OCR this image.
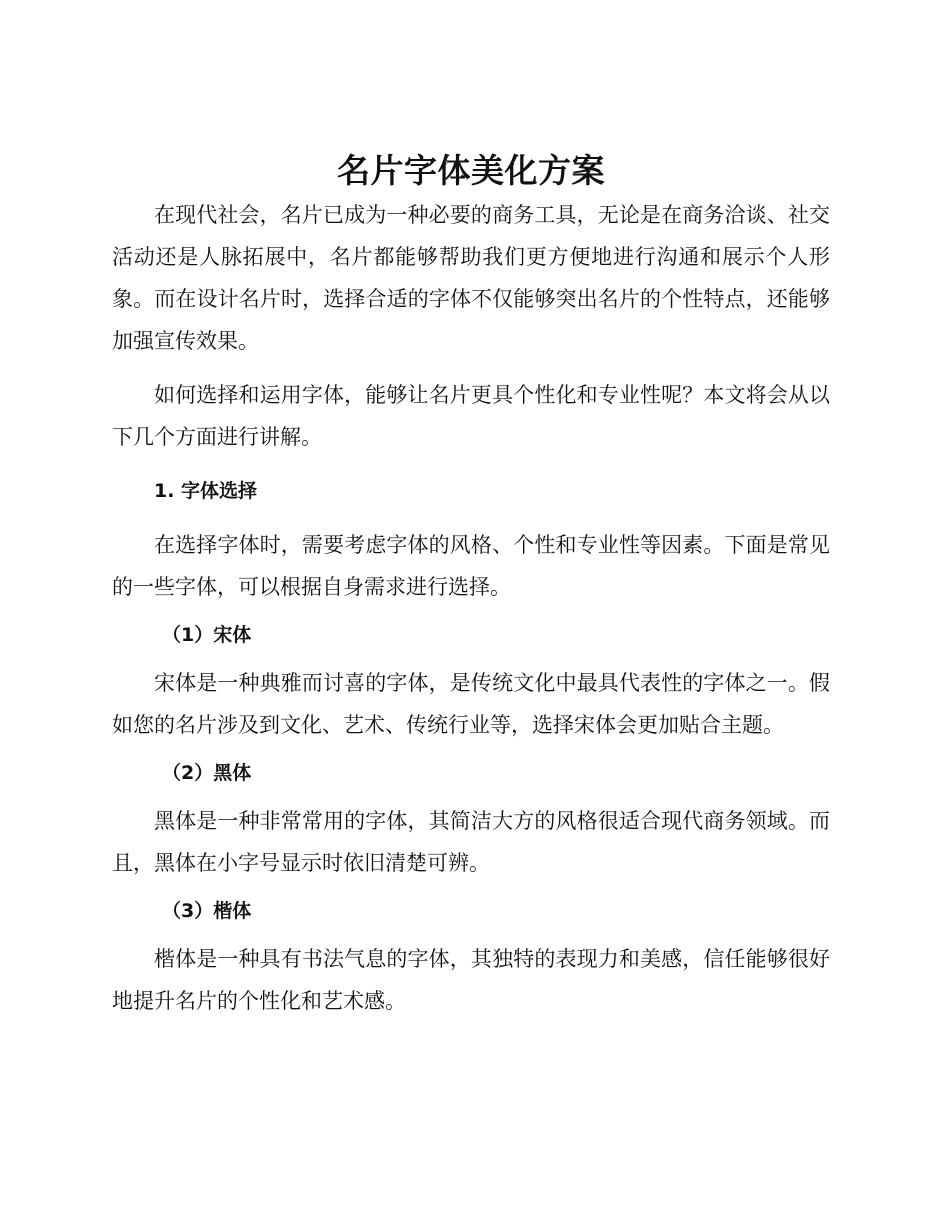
名片字体美化方案

在现代社会，名片已成为一种必要的商务工具，无论是在商务洽谈、社交活动还是人脉拓展中，名片都能够帮助我们更方便地进行沟通和展示个人形象。而在设计名片时，选择合适的字体不仅能够突出名片的个性特点，还能够加强宣传效果。

如何选择和运用字体，能够让名片更具个性化和专业性呢？本文将会从以下几个方面进行讲解。

1. 字体选择

在选择字体时，需要考虑字体的风格、个性和专业性等因素。下面是常见的一些字体，可以根据自身需求进行选择。

（1）宋体

宋体是一种典雅而讨喜的字体，是传统文化中最具代表性的字体之一。假如您的名片涉及到文化、艺术、传统行业等，选择宋体会更加贴合主题。

（2）黑体

黑体是一种非常常用的字体，其简洁大方的风格很适合现代商务领域。而且，黑体在小字号显示时依旧清楚可辨。

（3）楷体

楷体是一种具有书法气息的字体，其独特的表现力和美感，信任能够很好地提升名片的个性化和艺术感。
